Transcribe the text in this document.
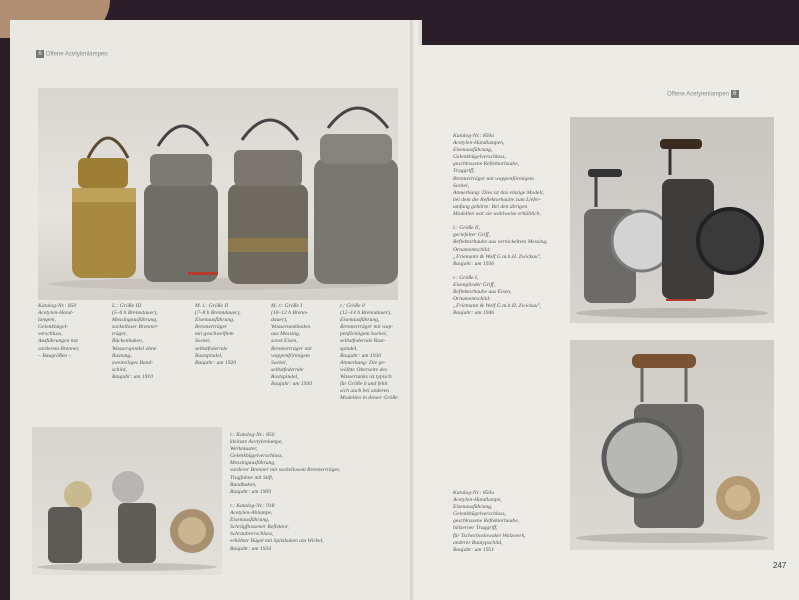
6 Offene Acetylenlampen
Katalog-Nr.: 850
Acetylen-Hand-
lampen,
Gelenkbügel-
verschluss,
Ausführungen mit
vorderem Brenner,
– Baugrößen –
L.: Größe III
(5–6 h Brenndauer),
Messingausführung,
sockelloser Brenner-
träger,
Rückenhaken,
Wasserspindel ohne
Rastung,
zweiteiliges Band-
schild,
Baujahr: um 1910
M. l.: Größe II
(7–8 h Brenndauer),
Eisenausführung,
Brennerträger
mit geschweiftem
Sockel,
selbstfedernde
Rastspindel,
Baujahr: um 1920
M. r.: Größe I
(10–12 h Brenn-
dauer),
Wassertankboden
aus Messing,
sonst Eisen,
Brennerträger mit
wappenförmigem
Sockel,
selbstfedernde
Rastspindel,
Baujahr: um 1930
r.: Größe 0
(12–14 h Brenndauer),
Eisenausführung,
Brennerträger mit wap-
penförmigem Sockel,
selbstfedernde Rast-
spindel,
Baujahr: um 1930
Anmerkung: Die ge-
wölbte Oberseite des
Wassertanks ist typisch
für Größe 0 und fehlt
sich auch bei anderen
Modellen in dieser Größe.
l.: Katalog-Nr.: 850
kleinste Acetylenlampe,
Werkmuster,
Gelenkbügelverschluss,
Messingausführung,
vorderer Brenner mit sockellosem Brennerträger,
Tragfahne mit Stift,
Rundhaken,
Baujahr: um 1909

r.: Katalog-Nr.: 918
Acetylen-Ablampe,
Eisenausführung,
Schrägflossener Reflektor,
Schraubverschluss,
erhöhter Bügel mit Spitzhaken am Wirbel,
Baujahr: um 1934
Offene Acetylenlampen 6
Katalog-Nr.: 850a
Acetylen-Handlampen,
Eisenausführung,
Gelenkbügelverschluss,
geschlossene Reflektorhaube,
Traggriff,
Brennerträger mit wappenförmigem
Sockel,
Anmerkung: Dies ist das einzige Modell,
bei dem die Reflektorhaube zum Liefer-
umfang gehörte: Bei den übrigen
Modellen war sie wahlweise erhältlich.

l.: Größe II,
geriefelter Griff,
Reflektorhaube aus vernickeltem Messing,
Ornamentschild:
„Friemann & Wolf G.m.b.H. Zwickau",
Baujahr: um 1936

r.: Größe I,
Eisenglieder Griff,
Reflektorhaube aus Eisen,
Ornamentschild:
„Friemann & Wolf G.m.b.H. Zwickau",
Baujahr: um 1946
Katalog-Nr.: 850a
Acetylen-Handlampe,
Eisenausführung,
Gelenkbügelverschluss,
geschlossene Reflektorhaube,
hölzerner Traggriff,
für Tschechoslowakei Walzwerk,
anderer Bautypschild,
Baujahr: um 1951
247
